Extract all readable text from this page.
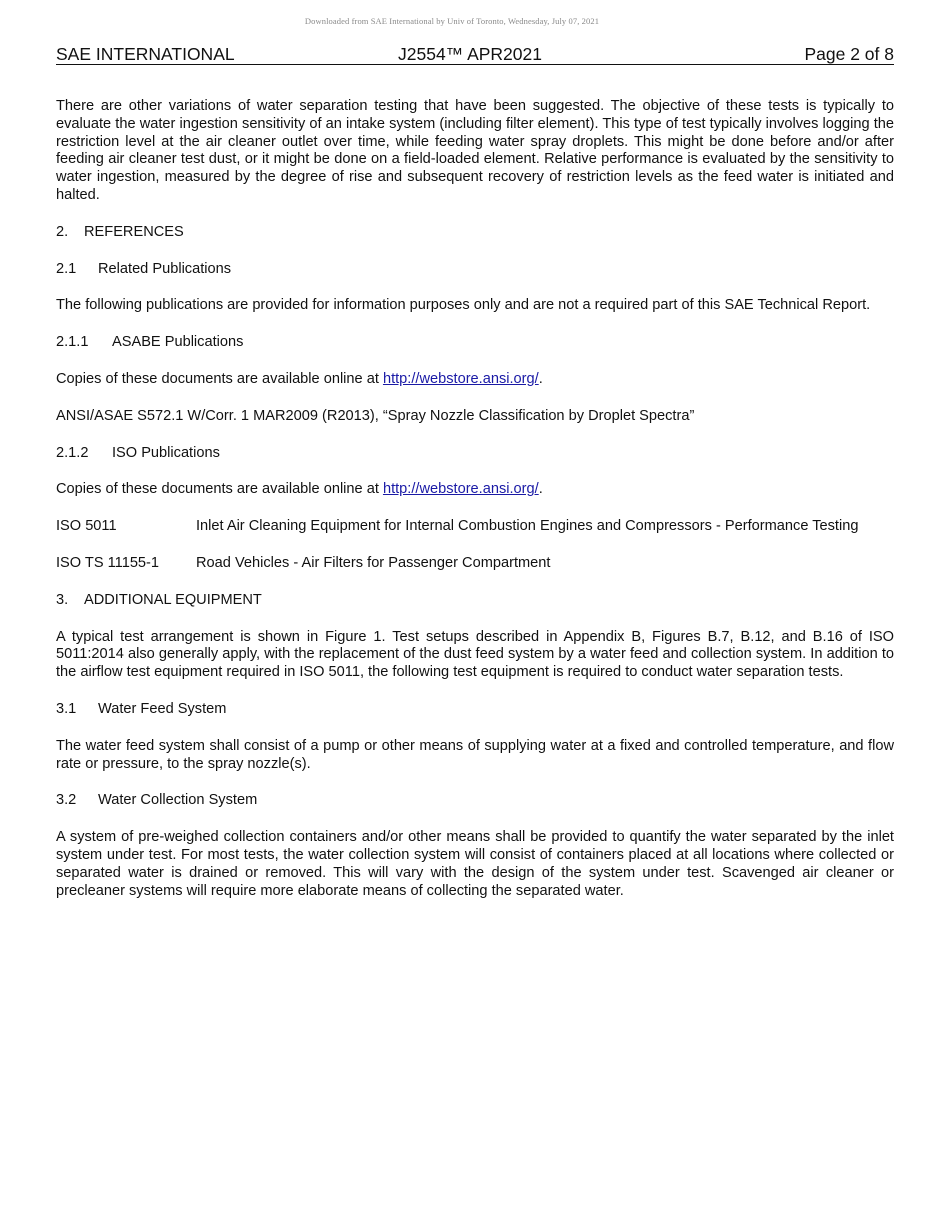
Downloaded from SAE International by Univ of Toronto, Wednesday, July 07, 2021
SAE INTERNATIONAL	J2554™ APR2021	Page 2 of 8

There are other variations of water separation testing that have been suggested. The objective of these tests is typically to evaluate the water ingestion sensitivity of an intake system (including filter element). This type of test typically involves logging the restriction level at the air cleaner outlet over time, while feeding water spray droplets. This might be done before and/or after feeding air cleaner test dust, or it might be done on a field-loaded element. Relative performance is evaluated by the sensitivity to water ingestion, measured by the degree of rise and subsequent recovery of restriction levels as the feed water is initiated and halted.

2.	REFERENCES
2.1	Related Publications

The following publications are provided for information purposes only and are not a required part of this SAE Technical Report.

2.1.1	ASABE Publications

Copies of these documents are available online at http://webstore.ansi.org/.

ANSI/ASAE S572.1 W/Corr. 1 MAR2009 (R2013), “Spray Nozzle Classification by Droplet Spectra”

2.1.2	ISO Publications

Copies of these documents are available online at http://webstore.ansi.org/.

ISO 5011	Inlet Air Cleaning Equipment for Internal Combustion Engines and Compressors - Performance Testing
ISO TS 11155-1	Road Vehicles - Air Filters for Passenger Compartment
3.	ADDITIONAL EQUIPMENT

A typical test arrangement is shown in Figure 1. Test setups described in Appendix B, Figures B.7, B.12, and B.16 of ISO 5011:2014 also generally apply, with the replacement of the dust feed system by a water feed and collection system. In addition to the airflow test equipment required in ISO 5011, the following test equipment is required to conduct water separation tests.

3.1	Water Feed System

The water feed system shall consist of a pump or other means of supplying water at a fixed and controlled temperature, and flow rate or pressure, to the spray nozzle(s).

3.2	Water Collection System

A system of pre-weighed collection containers and/or other means shall be provided to quantify the water separated by the inlet system under test. For most tests, the water collection system will consist of containers placed at all locations where collected or separated water is drained or removed. This will vary with the design of the system under test. Scavenged air cleaner or precleaner systems will require more elaborate means of collecting the separated water.
